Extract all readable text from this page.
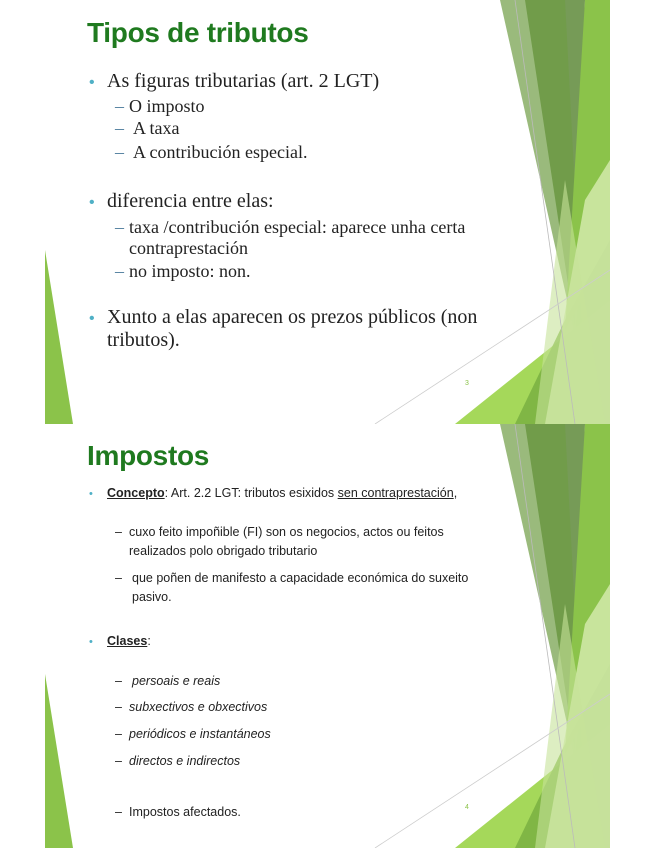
Tipos de tributos
• As figuras tributarias (art. 2 LGT)
– O imposto
– A taxa
– A contribución especial.
• diferencia entre elas:
– taxa /contribución especial: aparece unha certa
contraprestación
– no imposto: non.
• Xunto a elas aparecen os prezos públicos (non
tributos).
3
Impostos
• Concepto: Art. 2.2 LGT: tributos esixidos sen contraprestación,
– cuxo feito impoñible (FI) son os negocios, actos ou feitos
realizados polo obrigado tributario
– que poñen de manifesto a capacidade económica do suxeito
pasivo.
• Clases:
– persoais e reais
– subxectivos e obxectivos
– periódicos e instantáneos
– directos e indirectos
– Impostos afectados.	4
